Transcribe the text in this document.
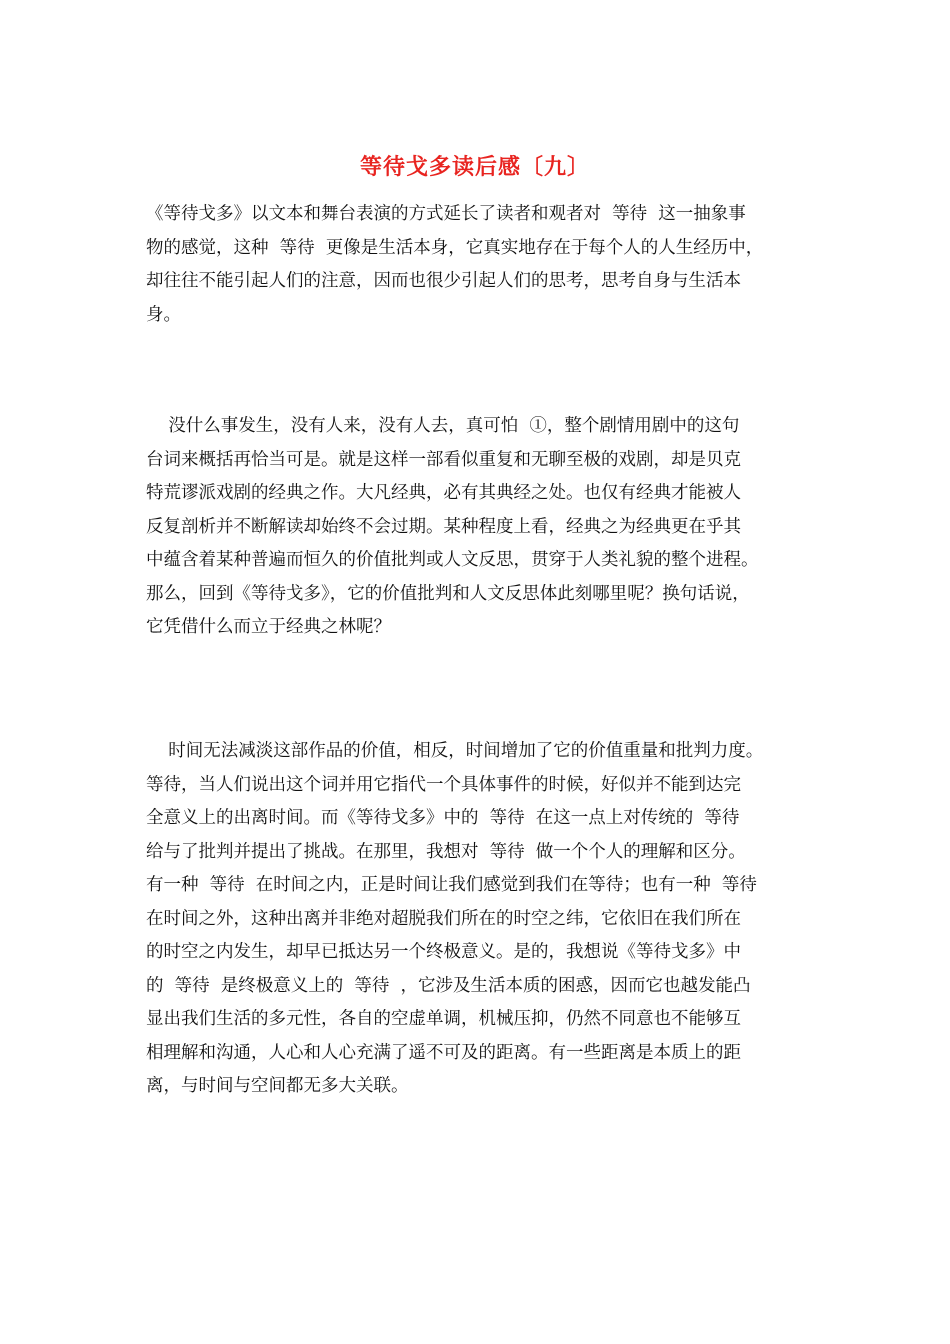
等待戈多读后感〔九〕
《等待戈多》以文本和舞台表演的方式延长了读者和观者对  等待  这一抽象事
物的感觉，这种  等待  更像是生活本身，它真实地存在于每个人的人生经历中，
却往往不能引起人们的注意，因而也很少引起人们的思考，思考自身与生活本
身。
没什么事发生，没有人来，没有人去，真可怕  ①，整个剧情用剧中的这句
台词来概括再恰当可是。就是这样一部看似重复和无聊至极的戏剧，却是贝克
特荒谬派戏剧的经典之作。大凡经典，必有其典经之处。也仅有经典才能被人
反复剖析并不断解读却始终不会过期。某种程度上看，经典之为经典更在乎其
中蕴含着某种普遍而恒久的价值批判或人文反思，贯穿于人类礼貌的整个进程。
那么，回到《等待戈多》，它的价值批判和人文反思体此刻哪里呢？换句话说，
它凭借什么而立于经典之林呢？
时间无法减淡这部作品的价值，相反，时间增加了它的价值重量和批判力度。
等待，当人们说出这个词并用它指代一个具体事件的时候，好似并不能到达完
全意义上的出离时间。而《等待戈多》中的  等待  在这一点上对传统的  等待
给与了批判并提出了挑战。在那里，我想对  等待  做一个个人的理解和区分。
有一种  等待  在时间之内，正是时间让我们感觉到我们在等待；也有一种  等待
在时间之外，这种出离并非绝对超脱我们所在的时空之纬，它依旧在我们所在
的时空之内发生，却早已抵达另一个终极意义。是的，我想说《等待戈多》中
的  等待  是终极意义上的  等待  ，它涉及生活本质的困惑，因而它也越发能凸
显出我们生活的多元性，各自的空虚单调，机械压抑，仍然不同意也不能够互
相理解和沟通，人心和人心充满了遥不可及的距离。有一些距离是本质上的距
离，与时间与空间都无多大关联。
